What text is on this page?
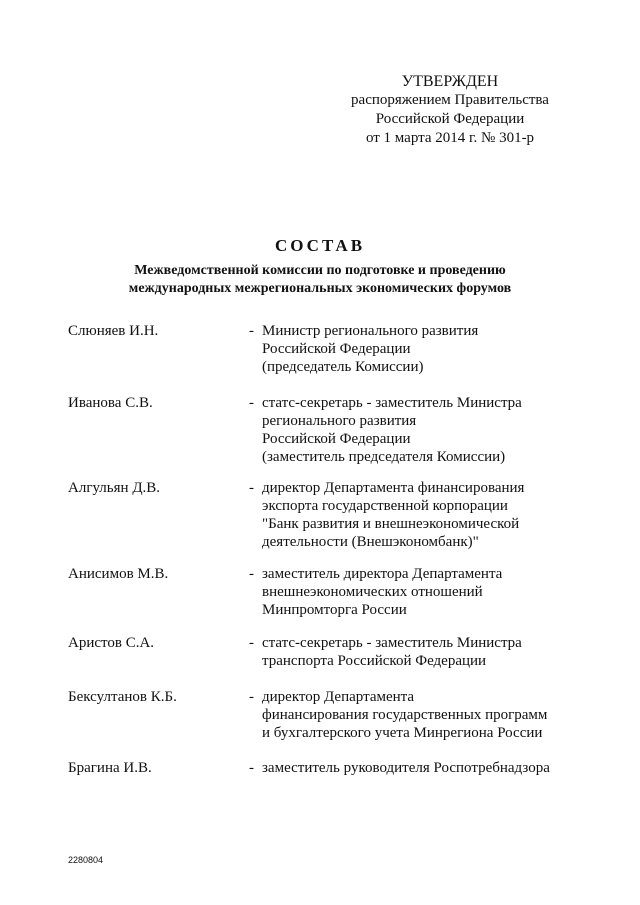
УТВЕРЖДЕН
распоряжением Правительства
Российской Федерации
от 1 марта 2014 г. № 301-р
СОСТАВ
Межведомственной комиссии по подготовке и проведению
международных межрегиональных экономических форумов
Слюняев И.Н.	- Министр регионального развития
Российской Федерации
(председатель Комиссии)
Иванова С.В.	- статс-секретарь - заместитель Министра
регионального развития
Российской Федерации
(заместитель председателя Комиссии)
Алгульян Д.В.	- директор Департамента финансирования
экспорта государственной корпорации
"Банк развития и внешнеэкономической
деятельности (Внешэкономбанк)"
Анисимов М.В.	- заместитель директора Департамента
внешнеэкономических отношений
Минпромторга России
Аристов С.А.	- статс-секретарь - заместитель Министра
транспорта Российской Федерации
Бексултанов К.Б.	- директор Департамента
финансирования государственных программ
и бухгалтерского учета Минрегиона России
Брагина И.В.	- заместитель руководителя Роспотребнадзора
2280804
